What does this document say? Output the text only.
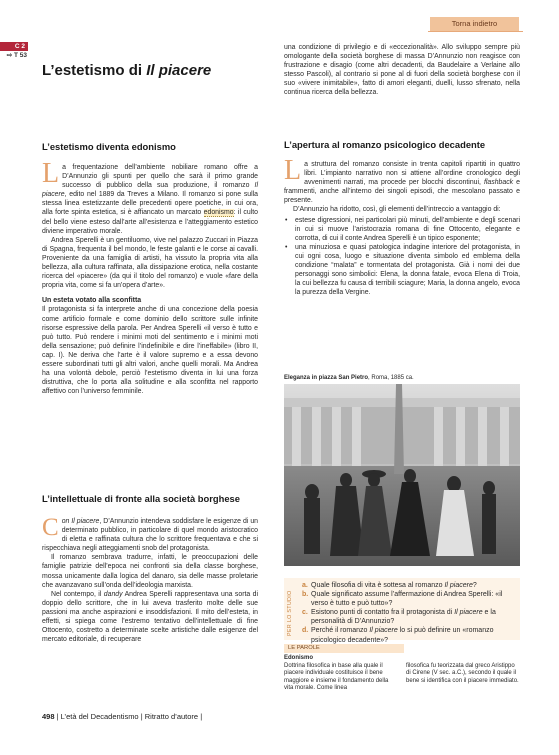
C 2
⇨ T 53
Torna indietro
L’estetismo di Il piacere
L’estetismo diventa edonismo

La frequentazione dell’ambiente nobiliare romano offre a D’Annunzio gli spunti per quello che sarà il primo grande successo di pubblico della sua produzione, il romanzo Il piacere, edito nel 1889 da Treves a Milano. Il romanzo si pone sulla stessa linea estetizzante delle precedenti opere poetiche, in cui ora, alla forte spinta estetica, si è affiancato un marcato edonismo: il culto del bello viene esteso dall’arte all’esistenza e l’atteggiamento estetico diviene imperativo morale.

Andrea Sperelli è un gentiluomo, vive nel palazzo Zuccari in Piazza di Spagna, frequenta il bel mondo, le feste galanti e le corse ai cavalli. Proveniente da una famiglia di artisti, ha vissuto la propria vita alla bellezza, alla cultura raffinata, alla dissipazione erotica, nella costante ricerca del «piacere» (da qui il titolo del romanzo) e vuole «fare della propria vita, come si fa un’opera d’arte».

Un esteta votato alla sconfitta

Il protagonista si fa interprete anche di una concezione della poesia come artificio formale e come dominio dello scrittore sulle infinite risorse espressive della parola. Per Andrea Sperelli «il verso è tutto e può tutto. Può rendere i minimi moti del sentimento e i minimi moti della sensazione; può definire l’indefinibile e dire l’ineffabile» (libro II, cap. I). Ne deriva che l’arte è il valore supremo e a essa devono essere subordinati tutti gli altri valori, anche quelli morali. Ma Andrea ha una volontà debole, perciò l’estetismo diventa in lui una forza distruttiva, che lo porta alla solitudine e alla sconfitta nel rapporto affettivo con l’universo femminile.

L’intellettuale di fronte alla società borghese

Con Il piacere, D’Annunzio intendeva soddisfare le esigenze di un determinato pubblico, in particolare di quel mondo aristocratico di eletta e raffinata cultura che lo scrittore frequentava e che si rispecchiava negli atteggiamenti snob del protagonista.

Il romanzo sembrava tradurre, infatti, le preoccupazioni delle famiglie patrizie dell’epoca nei confronti sia della classe borghese, mossa unicamente dalla logica del danaro, sia delle masse proletarie che avanzavano sull’onda dell’ideologia marxista.

Nel contempo, il dandy Andrea Sperelli rappresentava una sorta di doppio dello scrittore, che in lui aveva trasferito molte delle sue passioni ma anche aspirazioni e insoddisfazioni. Il mito dell’esteta, in effetti, si spiega come l’estremo tentativo dell’intellettuale di fine Ottocento, costretto a determinate scelte artistiche dalle esigenze del mercato editoriale, di recuperare

una condizione di privilegio e di «eccezionalità». Allo sviluppo sempre più omologante della società borghese di massa D’Annunzio non reagisce con frustrazione e disagio (come altri decadenti, da Baudelaire a Verlaine allo stesso Pascoli), al contrario si pone al di fuori della società borghese con il suo «vivere inimitabile», fatto di amori eleganti, duelli, lusso sfrenato, nella continua ricerca della bellezza.
L’apertura al romanzo psicologico decadente

La struttura del romanzo consiste in trenta capitoli ripartiti in quattro libri. L’impianto narrativo non si attiene all’ordine cronologico degli avvenimenti narrati, ma procede per blocchi discontinui, flashback e frammenti, anche all’interno dei singoli episodi, che mescolano passato e presente.

D’Annunzio ha ridotto, così, gli elementi dell’intreccio a vantaggio di:

• estese digressioni, nei particolari più minuti, dell’ambiente e degli scenari in cui si muove l’aristocrazia romana di fine Ottocento, elegante e corrotta, di cui il conte Andrea Sperelli è un tipico esponente;
• una minuziosa e quasi patologica indagine interiore del protagonista, in cui ogni cosa, luogo e situazione diventa simbolo ed emblema della condizione “malata” e tormentata del protagonista. Già i nomi dei due personaggi sono simbolici: Elena, la donna fatale, evoca Elena di Troia, la cui bellezza fu causa di terribili sciagure; Maria, la donna angelo, evoca la purezza della Vergine.
Eleganza in piazza San Pietro, Roma, 1885 ca.
PER LO STUDIO
a. Quale filosofia di vita è sottesa al romanzo Il piacere?
b. Quale significato assume l’affermazione di Andrea Sperelli: «il verso è tutto e può tutto»?
c. Esistono punti di contatto fra il protagonista di Il piacere e la personalità di D’Annunzio?
d. Perché il romanzo Il piacere lo si può definire un «romanzo psicologico decadente»?
LE PAROLE
Edonismo
Dottrina filosofica in base alla quale il piacere individuale costituisce il bene maggiore e insieme il fondamento della vita morale. Come linea
filosofica fu teorizzata dal greco Aristippo di Cirene (V sec. a.C.), secondo il quale il bene si identifica con il piacere immediato.
498 | L’età del Decadentismo | Ritratto d’autore |
